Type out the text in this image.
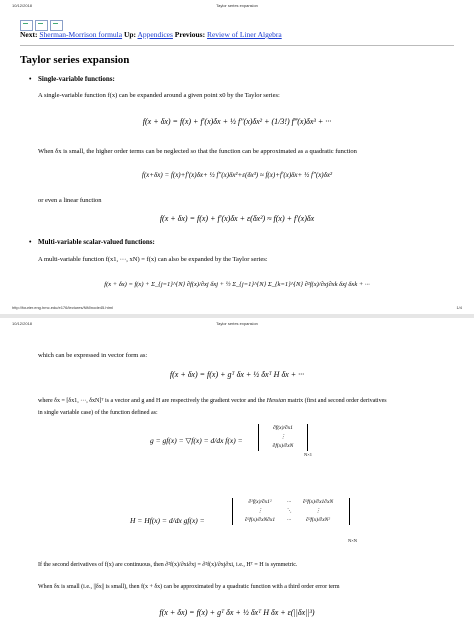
10/12/2018	Taylor series expansion
Next: Sherman-Morrison formula Up: Appendices Previous: Review of Liner Algebra
Taylor series expansion
• Single-variable functions:
A single-variable function f(x) can be expanded around a given point x0 by the Taylor series:
f(x + δx) = f(x) + f′(x)δx + ½ f″(x)δx² + (1/3!) f‴(x)δx³ + ···
When δx is small, the higher order terms can be neglected so that the function can be approximated as a quadratic function
f(x+δx) = f(x)+f′(x)δx+ ½ f″(x)δx²+ε(δx³) ≈ f(x)+f′(x)δx+ ½ f″(x)δx²
or even a linear function
f(x + δx) = f(x) + f′(x)δx + ε(δx²) ≈ f(x) + f′(x)δx
• Multi-variable scalar-valued functions:
A multi-variable function f(x1, ···, xN) = f(x) can also be expanded by the Taylor series:
f(x + δx) = f(x) + Σ_{j=1}^{N} ∂f(x)/∂xj δxj + ½ Σ_{j=1}^{N} Σ_{k=1}^{N} ∂²f(x)/∂xj∂xk δxj δxk + ···
http://fourier.eng.hmc.edu/e176/lectures/NM/node45.html	1/4
10/12/2018	Taylor series expansion
which can be expressed in vector form as:
f(x + δx) = f(x) + gᵀ δx + ½ δxᵀ H δx + ···
where δx = [δx1, ···, δxN]ᵀ is a vector and g and H are respectively the gradient vector and the Hessian matrix (first and second order derivatives
in single variable case) of the function defined as:
g = gf(x) = ▽f(x) = d/dx f(x) =
∂f(x)/∂x1
⋮
∂f(x)/∂xN
N×1
H = Hf(x) = d/dx gf(x) =
∂²f(x)/∂x1²	···	∂²f(x)/∂x1∂xN
⋮	⋱	⋮
∂²f(x)/∂xN∂x1	···	∂²f(x)/∂xN²
N×N
If the second derivatives of f(x) are continuous, then ∂²f(x)/∂xi∂xj = ∂²f(x)/∂xj∂xi, i.e., Hᵀ = H is symmetric.
When δx is small (i.e., ||δx|| is small), then f(x + δx) can be approximated by a quadratic function with a third order error term
f(x + δx) = f(x) + gᵀ δx + ½ δxᵀ H δx + ε(||δx||³)
